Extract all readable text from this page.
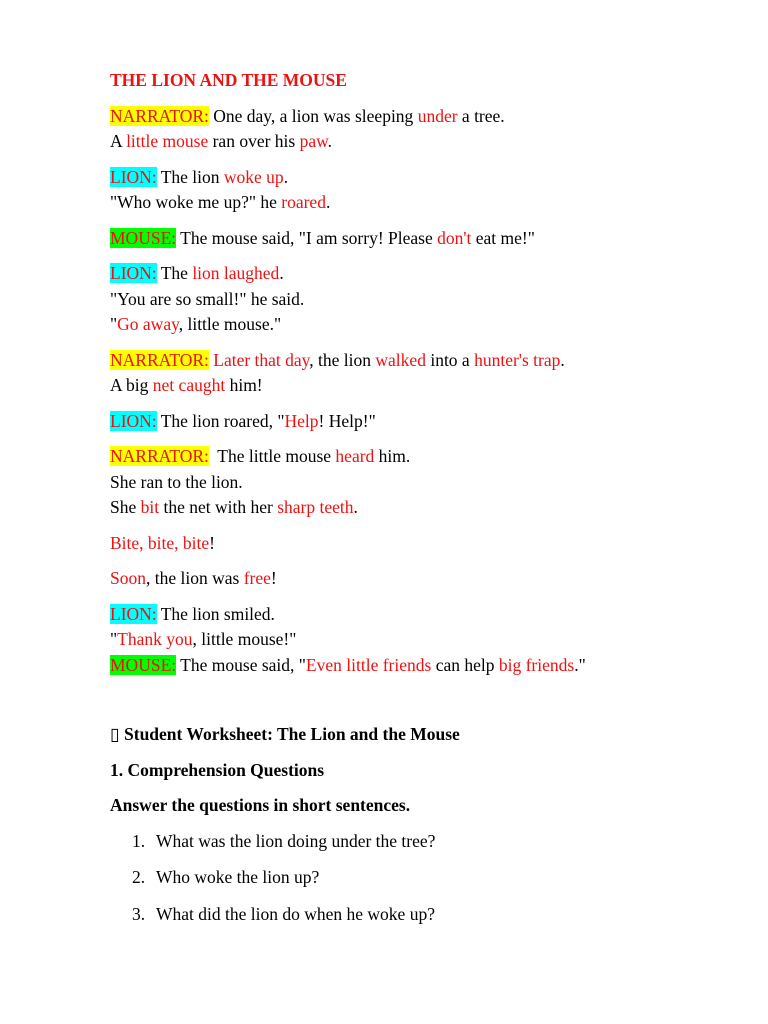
THE LION AND THE MOUSE
NARRATOR: One day, a lion was sleeping under a tree.
A little mouse ran over his paw.
LION: The lion woke up.
"Who woke me up?" he roared.
MOUSE: The mouse said, "I am sorry! Please don't eat me!"
LION: The lion laughed.
"You are so small!" he said.
"Go away, little mouse."
NARRATOR: Later that day, the lion walked into a hunter's trap.
A big net caught him!
LION: The lion roared, "Help! Help!"
NARRATOR:  The little mouse heard him.
She ran to the lion.
She bit the net with her sharp teeth.
Bite, bite, bite!
Soon, the lion was free!
LION: The lion smiled.
"Thank you, little mouse!"
MOUSE: The mouse said, "Even little friends can help big friends."
▯ Student Worksheet: The Lion and the Mouse
1. Comprehension Questions
Answer the questions in short sentences.
1. What was the lion doing under the tree?
2. Who woke the lion up?
3. What did the lion do when he woke up?
